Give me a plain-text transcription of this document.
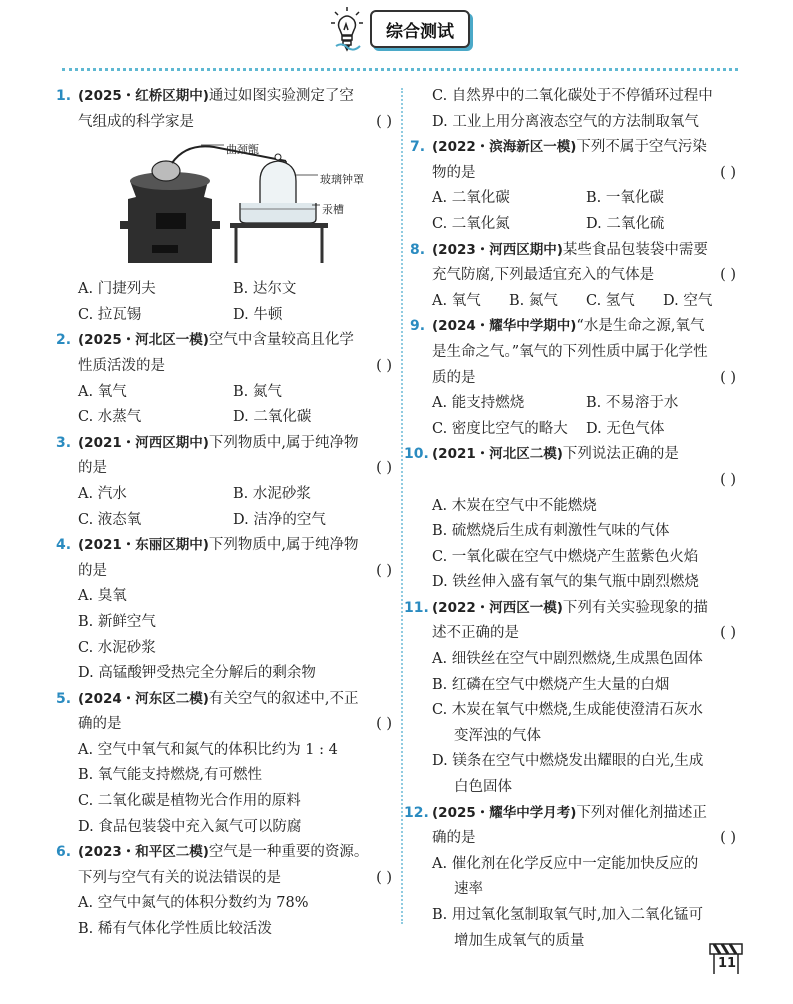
综合测试
1. (2025・红桥区期中)通过如图实验测定了空
气组成的科学家是	( )
曲颈甑
玻璃钟罩
汞槽
A. 门捷列夫	B. 达尔文
C. 拉瓦锡	D. 牛顿
2. (2025・河北区一模)空气中含量较高且化学
性质活泼的是	( )
A. 氧气	B. 氮气
C. 水蒸气	D. 二氧化碳
3. (2021・河西区期中)下列物质中,属于纯净物
的是	( )
A. 汽水	B. 水泥砂浆
C. 液态氧	D. 洁净的空气
4. (2021・东丽区期中)下列物质中,属于纯净物
的是	( )
A. 臭氧
B. 新鲜空气
C. 水泥砂浆
D. 高锰酸钾受热完全分解后的剩余物
5. (2024・河东区二模)有关空气的叙述中,不正
确的是	( )
A. 空气中氧气和氮气的体积比约为 1 : 4
B. 氧气能支持燃烧,有可燃性
C. 二氧化碳是植物光合作用的原料
D. 食品包装袋中充入氮气可以防腐
6. (2023・和平区二模)空气是一种重要的资源。
下列与空气有关的说法错误的是	( )
A. 空气中氮气的体积分数约为 78%
B. 稀有气体化学性质比较活泼
C. 自然界中的二氧化碳处于不停循环过程中
D. 工业上用分离液态空气的方法制取氧气
7. (2022・滨海新区一模)下列不属于空气污染
物的是	( )
A. 二氧化碳	B. 一氧化碳
C. 二氧化氮	D. 二氧化硫
8. (2023・河西区期中)某些食品包装袋中需要
充气防腐,下列最适宜充入的气体是	( )
A. 氧气	B. 氮气	C. 氢气	D. 空气
9. (2024・耀华中学期中)“水是生命之源,氧气
是生命之气。”氧气的下列性质中属于化学性
质的是	( )
A. 能支持燃烧	B. 不易溶于水
C. 密度比空气的略大	D. 无色气体
10. (2021・河北区二模)下列说法正确的是

( )
A. 木炭在空气中不能燃烧
B. 硫燃烧后生成有刺激性气味的气体
C. 一氧化碳在空气中燃烧产生蓝紫色火焰
D. 铁丝伸入盛有氧气的集气瓶中剧烈燃烧
11. (2022・河西区一模)下列有关实验现象的描
述不正确的是	( )
A. 细铁丝在空气中剧烈燃烧,生成黑色固体
B. 红磷在空气中燃烧产生大量的白烟
C. 木炭在氧气中燃烧,生成能使澄清石灰水
变浑浊的气体
D. 镁条在空气中燃烧发出耀眼的白光,生成
白色固体
12. (2025・耀华中学月考)下列对催化剂描述正
确的是	( )
A. 催化剂在化学反应中一定能加快反应的
速率
B. 用过氧化氢制取氧气时,加入二氧化锰可
增加生成氧气的质量
11
